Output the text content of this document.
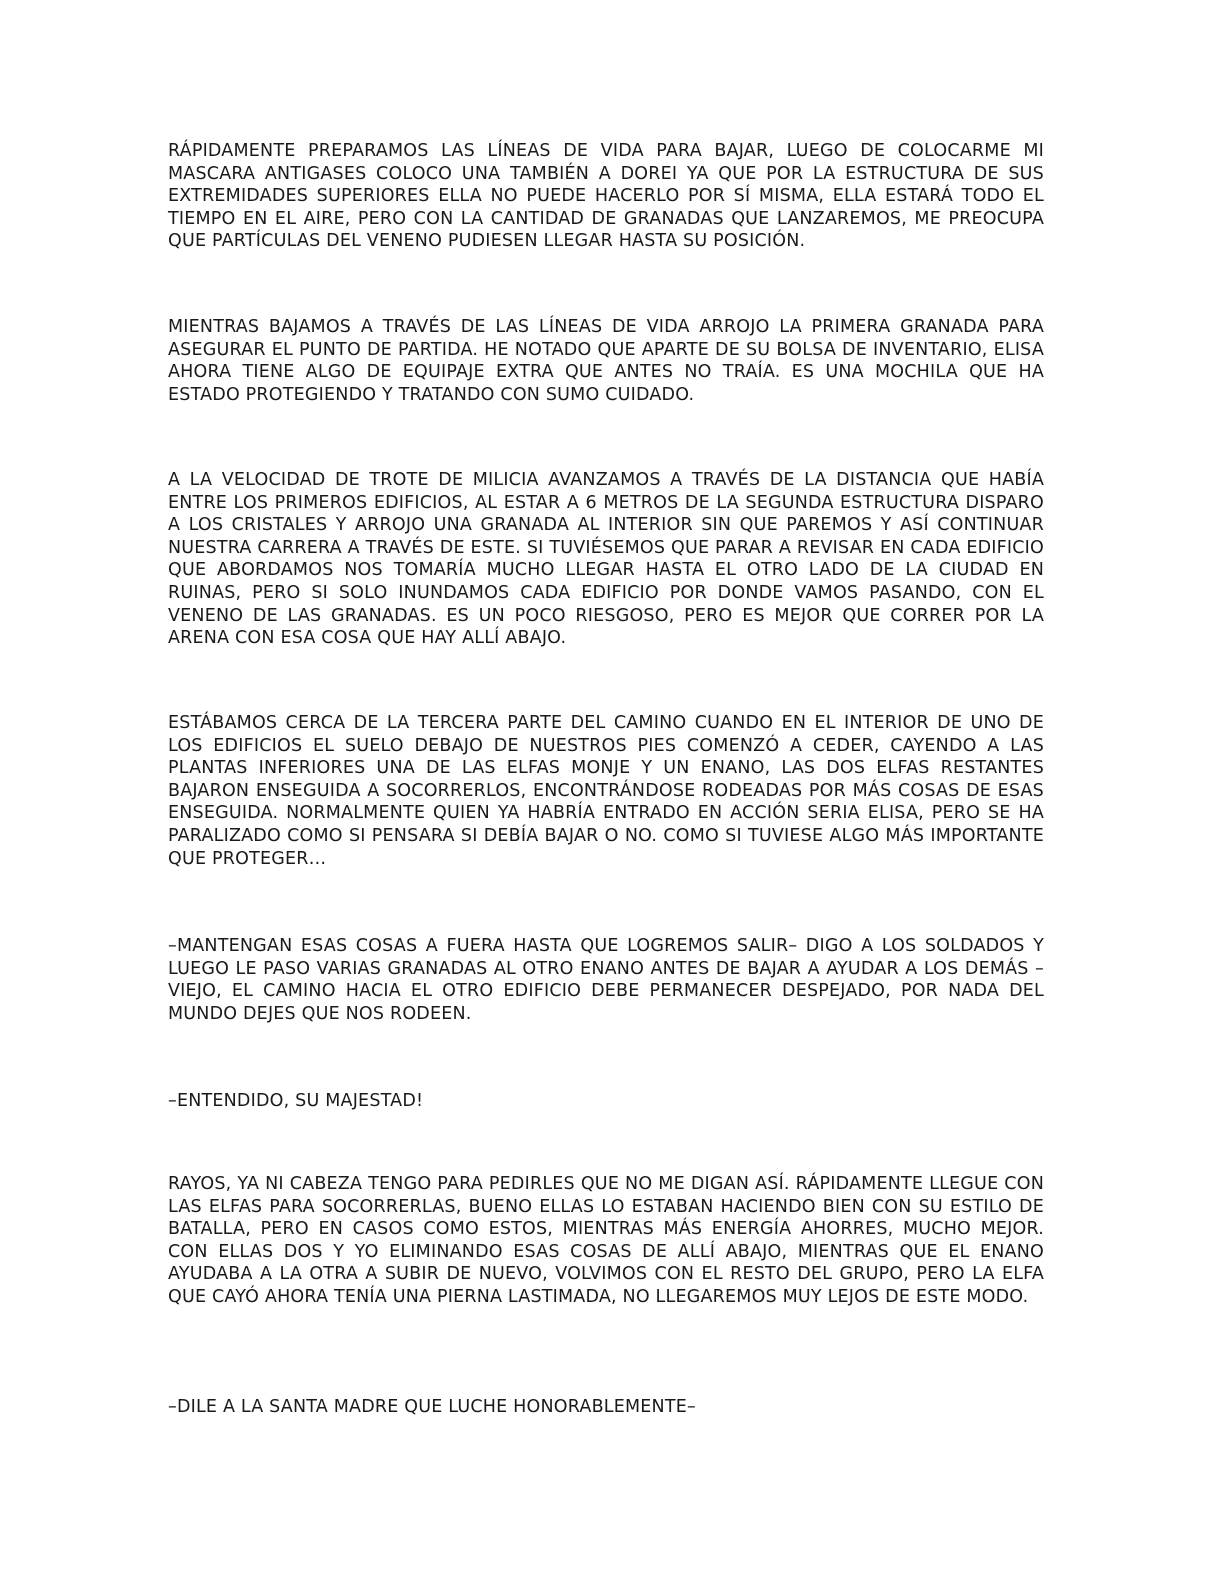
RÁPIDAMENTE PREPARAMOS LAS LÍNEAS DE VIDA PARA BAJAR, LUEGO DE COLOCARME MI MASCARA ANTIGASES COLOCO UNA TAMBIÉN A DOREI YA QUE POR LA ESTRUCTURA DE SUS EXTREMIDADES SUPERIORES ELLA NO PUEDE HACERLO POR SÍ MISMA, ELLA ESTARÁ TODO EL TIEMPO EN EL AIRE, PERO CON LA CANTIDAD DE GRANADAS QUE LANZAREMOS, ME PREOCUPA QUE PARTÍCULAS DEL VENENO PUDIESEN LLEGAR HASTA SU POSICIÓN.

MIENTRAS BAJAMOS A TRAVÉS DE LAS LÍNEAS DE VIDA ARROJO LA PRIMERA GRANADA PARA ASEGURAR EL PUNTO DE PARTIDA. HE NOTADO QUE APARTE DE SU BOLSA DE INVENTARIO, ELISA AHORA TIENE ALGO DE EQUIPAJE EXTRA QUE ANTES NO TRAÍA. ES UNA MOCHILA QUE HA ESTADO PROTEGIENDO Y TRATANDO CON SUMO CUIDADO.

A LA VELOCIDAD DE TROTE DE MILICIA AVANZAMOS A TRAVÉS DE LA DISTANCIA QUE HABÍA ENTRE LOS PRIMEROS EDIFICIOS, AL ESTAR A 6 METROS DE LA SEGUNDA ESTRUCTURA DISPARO A LOS CRISTALES Y ARROJO UNA GRANADA AL INTERIOR SIN QUE PAREMOS Y ASÍ CONTINUAR NUESTRA CARRERA A TRAVÉS DE ESTE. SI TUVIÉSEMOS QUE PARAR A REVISAR EN CADA EDIFICIO QUE ABORDAMOS NOS TOMARÍA MUCHO LLEGAR HASTA EL OTRO LADO DE LA CIUDAD EN RUINAS, PERO SI SOLO INUNDAMOS CADA EDIFICIO POR DONDE VAMOS PASANDO, CON EL VENENO DE LAS GRANADAS. ES UN POCO RIESGOSO, PERO ES MEJOR QUE CORRER POR LA ARENA CON ESA COSA QUE HAY ALLÍ ABAJO.

ESTÁBAMOS CERCA DE LA TERCERA PARTE DEL CAMINO CUANDO EN EL INTERIOR DE UNO DE LOS EDIFICIOS EL SUELO DEBAJO DE NUESTROS PIES COMENZÓ A CEDER, CAYENDO A LAS PLANTAS INFERIORES UNA DE LAS ELFAS MONJE Y UN ENANO, LAS DOS ELFAS RESTANTES BAJARON ENSEGUIDA A SOCORRERLOS, ENCONTRÁNDOSE RODEADAS POR MÁS COSAS DE ESAS ENSEGUIDA. NORMALMENTE QUIEN YA HABRÍA ENTRADO EN ACCIÓN SERIA ELISA, PERO SE HA PARALIZADO COMO SI PENSARA SI DEBÍA BAJAR O NO. COMO SI TUVIESE ALGO MÁS IMPORTANTE QUE PROTEGER…

–MANTENGAN ESAS COSAS A FUERA HASTA QUE LOGREMOS SALIR– DIGO A LOS SOLDADOS Y LUEGO LE PASO VARIAS GRANADAS AL OTRO ENANO ANTES DE BAJAR A AYUDAR A LOS DEMÁS –VIEJO, EL CAMINO HACIA EL OTRO EDIFICIO DEBE PERMANECER DESPEJADO, POR NADA DEL MUNDO DEJES QUE NOS RODEEN.

–ENTENDIDO, SU MAJESTAD!

RAYOS, YA NI CABEZA TENGO PARA PEDIRLES QUE NO ME DIGAN ASÍ. RÁPIDAMENTE LLEGUE CON LAS ELFAS PARA SOCORRERLAS, BUENO ELLAS LO ESTABAN HACIENDO BIEN CON SU ESTILO DE BATALLA, PERO EN CASOS COMO ESTOS, MIENTRAS MÁS ENERGÍA AHORRES, MUCHO MEJOR. CON ELLAS DOS Y YO ELIMINANDO ESAS COSAS DE ALLÍ ABAJO, MIENTRAS QUE EL ENANO AYUDABA A LA OTRA A SUBIR DE NUEVO, VOLVIMOS CON EL RESTO DEL GRUPO, PERO LA ELFA QUE CAYÓ AHORA TENÍA UNA PIERNA LASTIMADA, NO LLEGAREMOS MUY LEJOS DE ESTE MODO.

–DILE A LA SANTA MADRE QUE LUCHE HONORABLEMENTE–
